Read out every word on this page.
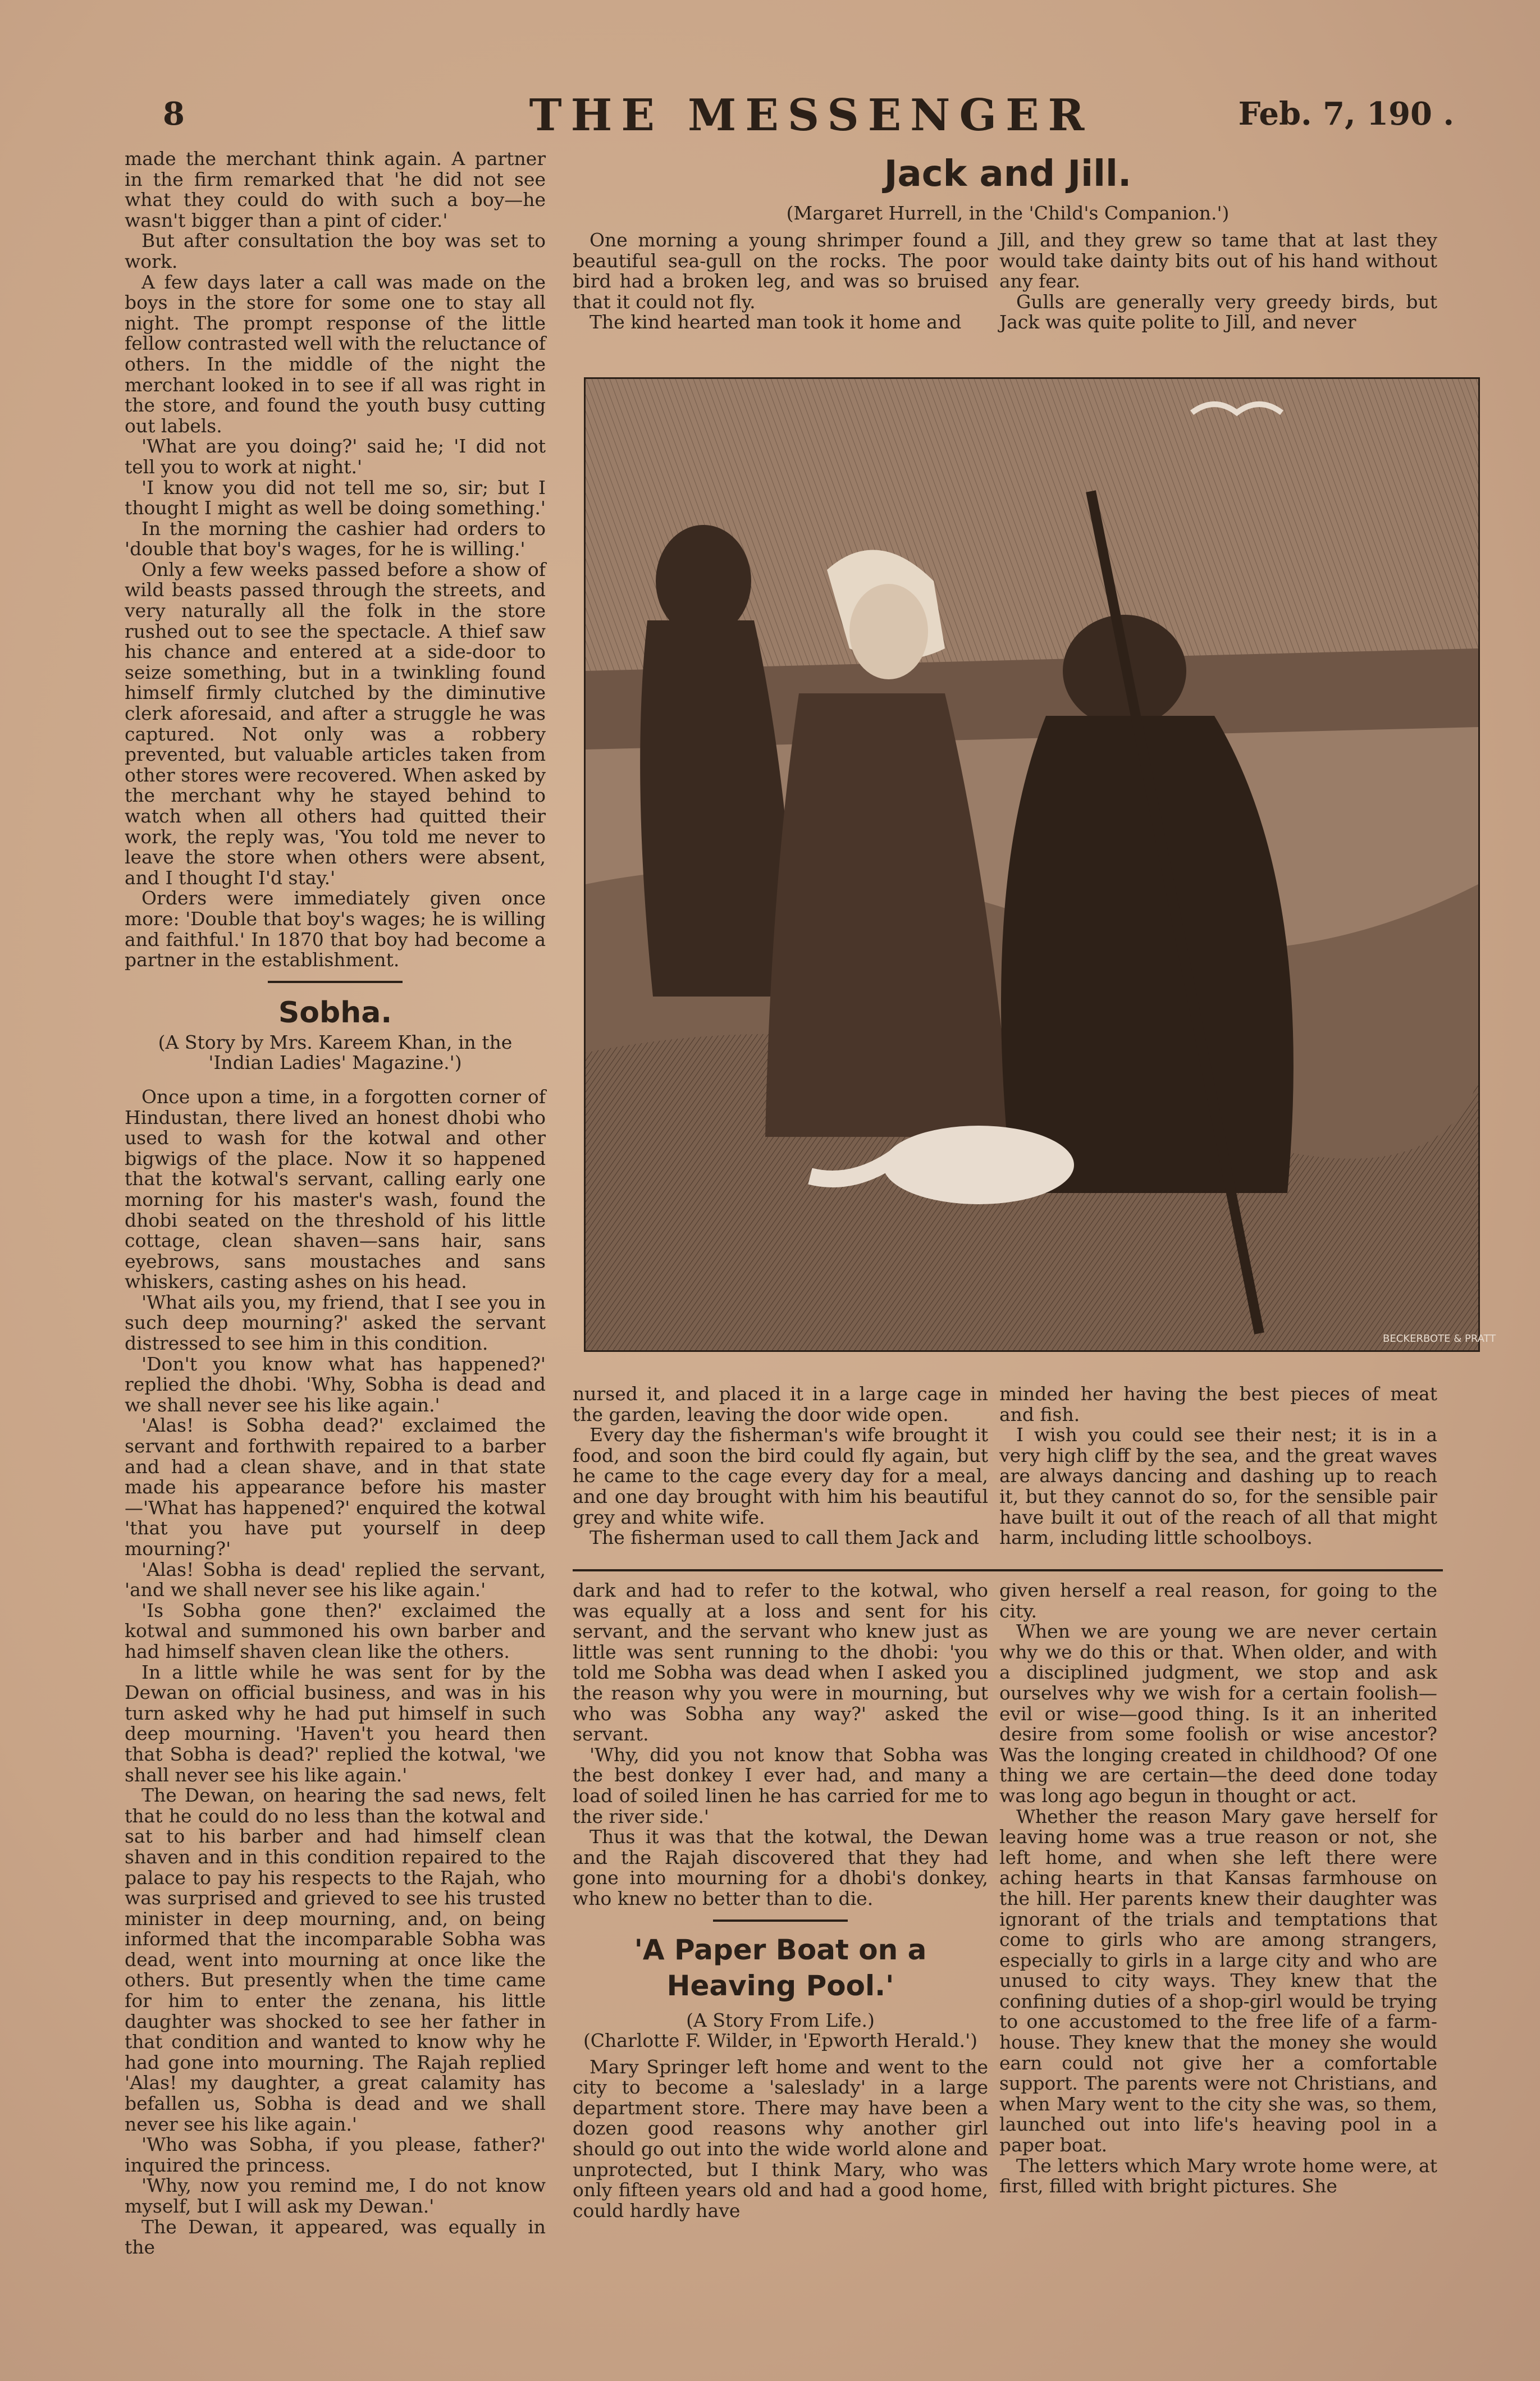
8	THE MESSENGER	Feb. 7, 190 .

made the merchant think again. A partner in the firm remarked that 'he did not see what they could do with such a boy—he wasn't bigger than a pint of cider.'

But after consultation the boy was set to work.

A few days later a call was made on the boys in the store for some one to stay all night. The prompt response of the little fellow contrasted well with the reluctance of others. In the middle of the night the merchant looked in to see if all was right in the store, and found the youth busy cutting out labels.

'What are you doing?' said he; 'I did not tell you to work at night.'

'I know you did not tell me so, sir; but I thought I might as well be doing something.'

In the morning the cashier had orders to 'double that boy's wages, for he is willing.'

Only a few weeks passed before a show of wild beasts passed through the streets, and very naturally all the folk in the store rushed out to see the spectacle. A thief saw his chance and entered at a side-door to seize something, but in a twinkling found himself firmly clutched by the diminutive clerk aforesaid, and after a struggle he was captured. Not only was a robbery prevented, but valuable articles taken from other stores were recovered. When asked by the merchant why he stayed behind to watch when all others had quitted their work, the reply was, 'You told me never to leave the store when others were absent, and I thought I'd stay.'

Orders were immediately given once more: 'Double that boy's wages; he is willing and faithful.' In 1870 that boy had become a partner in the establishment.

Sobha.

(A Story by Mrs. Kareem Khan, in the 'Indian Ladies' Magazine.')

Once upon a time, in a forgotten corner of Hindustan, there lived an honest dhobi who used to wash for the kotwal and other bigwigs of the place. Now it so happened that the kotwal's servant, calling early one morning for his master's wash, found the dhobi seated on the threshold of his little cottage, clean shaven—sans hair, sans eyebrows, sans moustaches and sans whiskers, casting ashes on his head.

'What ails you, my friend, that I see you in such deep mourning?' asked the servant distressed to see him in this condition.

'Don't you know what has happened?' replied the dhobi. 'Why, Sobha is dead and we shall never see his like again.'

'Alas! is Sobha dead?' exclaimed the servant and forthwith repaired to a barber and had a clean shave, and in that state made his appearance before his master—'What has happened?' enquired the kotwal 'that you have put yourself in deep mourning?'

'Alas! Sobha is dead' replied the servant, 'and we shall never see his like again.'

'Is Sobha gone then?' exclaimed the kotwal and summoned his own barber and had himself shaven clean like the others.

In a little while he was sent for by the Dewan on official business, and was in his turn asked why he had put himself in such deep mourning. 'Haven't you heard then that Sobha is dead?' replied the kotwal, 'we shall never see his like again.'

The Dewan, on hearing the sad news, felt that he could do no less than the kotwal and sat to his barber and had himself clean shaven and in this condition repaired to the palace to pay his respects to the Rajah, who was surprised and grieved to see his trusted minister in deep mourning, and, on being informed that the incomparable Sobha was dead, went into mourning at once like the others. But presently when the time came for him to enter the zenana, his little daughter was shocked to see her father in that condition and wanted to know why he had gone into mourning. The Rajah replied 'Alas! my daughter, a great calamity has befallen us, Sobha is dead and we shall never see his like again.'

'Who was Sobha, if you please, father?' inquired the princess.

'Why, now you remind me, I do not know myself, but I will ask my Dewan.'

The Dewan, it appeared, was equally in the

Jack and Jill.

(Margaret Hurrell, in the 'Child's Companion.')

One morning a young shrimper found a beautiful sea-gull on the rocks. The poor bird had a broken leg, and was so bruised that it could not fly.

The kind hearted man took it home and

Jill, and they grew so tame that at last they would take dainty bits out of his hand without any fear.

Gulls are generally very greedy birds, but Jack was quite polite to Jill, and never

BECKERBOTE & PRATT

nursed it, and placed it in a large cage in the garden, leaving the door wide open.

Every day the fisherman's wife brought it food, and soon the bird could fly again, but he came to the cage every day for a meal, and one day brought with him his beautiful grey and white wife.

The fisherman used to call them Jack and

minded her having the best pieces of meat and fish.

I wish you could see their nest; it is in a very high cliff by the sea, and the great waves are always dancing and dashing up to reach it, but they cannot do so, for the sensible pair have built it out of the reach of all that might harm, including little schoolboys.

dark and had to refer to the kotwal, who was equally at a loss and sent for his servant, and the servant who knew just as little was sent running to the dhobi: 'you told me Sobha was dead when I asked you the reason why you were in mourning, but who was Sobha any way?' asked the servant.

'Why, did you not know that Sobha was the best donkey I ever had, and many a load of soiled linen he has carried for me to the river side.'

Thus it was that the kotwal, the Dewan and the Rajah discovered that they had gone into mourning for a dhobi's donkey, who knew no better than to die.

'A Paper Boat on a Heaving Pool.'

(A Story From Life.)

(Charlotte F. Wilder, in 'Epworth Herald.')

Mary Springer left home and went to the city to become a 'saleslady' in a large department store. There may have been a dozen good reasons why another girl should go out into the wide world alone and unprotected, but I think Mary, who was only fifteen years old and had a good home, could hardly have

given herself a real reason, for going to the city.

When we are young we are never certain why we do this or that. When older, and with a disciplined judgment, we stop and ask ourselves why we wish for a certain foolish—evil or wise—good thing. Is it an inherited desire from some foolish or wise ancestor? Was the longing created in childhood? Of one thing we are certain—the deed done today was long ago begun in thought or act.

Whether the reason Mary gave herself for leaving home was a true reason or not, she left home, and when she left there were aching hearts in that Kansas farmhouse on the hill. Her parents knew their daughter was ignorant of the trials and temptations that come to girls who are among strangers, especially to girls in a large city and who are unused to city ways. They knew that the confining duties of a shop-girl would be trying to one accustomed to the free life of a farm-house. They knew that the money she would earn could not give her a comfortable support. The parents were not Christians, and when Mary went to the city she was, so them, launched out into life's heaving pool in a paper boat.

The letters which Mary wrote home were, at first, filled with bright pictures. She
